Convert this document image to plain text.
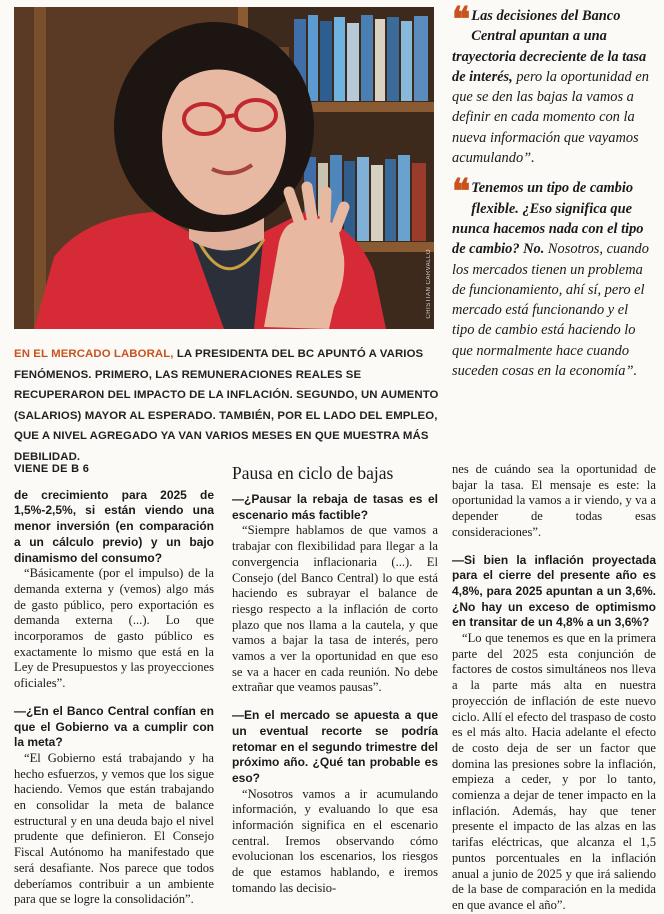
CRISTIAN CARVALLO
❝ Las decisiones del Banco Central apuntan a una trayectoria decreciente de la tasa de interés, pero la oportunidad en que se den las bajas la vamos a definir en cada momento con la nueva información que vayamos acumulando”.
❝ Tenemos un tipo de cambio flexible. ¿Eso significa que nunca hacemos nada con el tipo de cambio? No. Nosotros, cuando los mercados tienen un problema de funcionamiento, ahí sí, pero el mercado está funcionando y el tipo de cambio está haciendo lo que normalmente hace cuando suceden cosas en la economía”.
EN EL MERCADO LABORAL, LA PRESIDENTA DEL BC APUNTÓ A VARIOS FENÓMENOS. PRIMERO, LAS REMUNERACIONES REALES SE RECUPERARON DEL IMPACTO DE LA INFLACIÓN. SEGUNDO, UN AUMENTO (SALARIOS) MAYOR AL ESPERADO. TAMBIÉN, POR EL LADO DEL EMPLEO, QUE A NIVEL AGREGADO YA VAN VARIOS MESES EN QUE MUESTRA MÁS DEBILIDAD.
VIENE DE B 6

de crecimiento para 2025 de 1,5%-2,5%, si están viendo una menor inversión (en comparación a un cálculo previo) y un bajo dinamismo del consumo?

“Básicamente (por el impulso) de la demanda externa y (vemos) algo más de gasto público, pero exportación es demanda externa (...). Lo que incorporamos de gasto público es exactamente lo mismo que está en la Ley de Presupuestos y las proyecciones oficiales”.

—¿En el Banco Central confían en que el Gobierno va a cumplir con la meta?

“El Gobierno está trabajando y ha hecho esfuerzos, y vemos que los sigue haciendo. Vemos que están trabajando en consolidar la meta de balance estructural y en una deuda bajo el nivel prudente que definieron. El Consejo Fiscal Autónomo ha manifestado que será desafiante. Nos parece que todos deberíamos contribuir a un ambiente para que se logre la consolidación”.

Pausa en ciclo de bajas

—¿Pausar la rebaja de tasas es el escenario más factible?

“Siempre hablamos de que vamos a trabajar con flexibilidad para llegar a la convergencia inflacionaria (...). El Consejo (del Banco Central) lo que está haciendo es subrayar el balance de riesgo respecto a la inflación de corto plazo que nos llama a la cautela, y que vamos a bajar la tasa de interés, pero vamos a ver la oportunidad en que eso se va a hacer en cada reunión. No debe extrañar que veamos pausas”.

—En el mercado se apuesta a que un eventual recorte se podría retomar en el segundo trimestre del próximo año. ¿Qué tan probable es eso?

“Nosotros vamos a ir acumulando información, y evaluando lo que esa información significa en el escenario central. Iremos observando cómo evolucionan los escenarios, los riesgos de que estamos hablando, e iremos tomando las decisio-

nes de cuándo sea la oportunidad de bajar la tasa. El mensaje es este: la oportunidad la vamos a ir viendo, y va a depender de todas esas consideraciones”.

—Si bien la inflación proyectada para el cierre del presente año es 4,8%, para 2025 apuntan a un 3,6%. ¿No hay un exceso de optimismo en transitar de un 4,8% a un 3,6%?

“Lo que tenemos es que en la primera parte del 2025 esta conjunción de factores de costos simultáneos nos lleva a la parte más alta en nuestra proyección de inflación de este nuevo ciclo. Allí el efecto del traspaso de costo es el más alto. Hacia adelante el efecto de costo deja de ser un factor que domina las presiones sobre la inflación, empieza a ceder, y por lo tanto, comienza a dejar de tener impacto en la inflación. Además, hay que tener presente el impacto de las alzas en las tarifas eléctricas, que alcanza el 1,5 puntos porcentuales en la inflación anual a junio de 2025 y que irá saliendo de la base de comparación en la medida en que avance el año”.
